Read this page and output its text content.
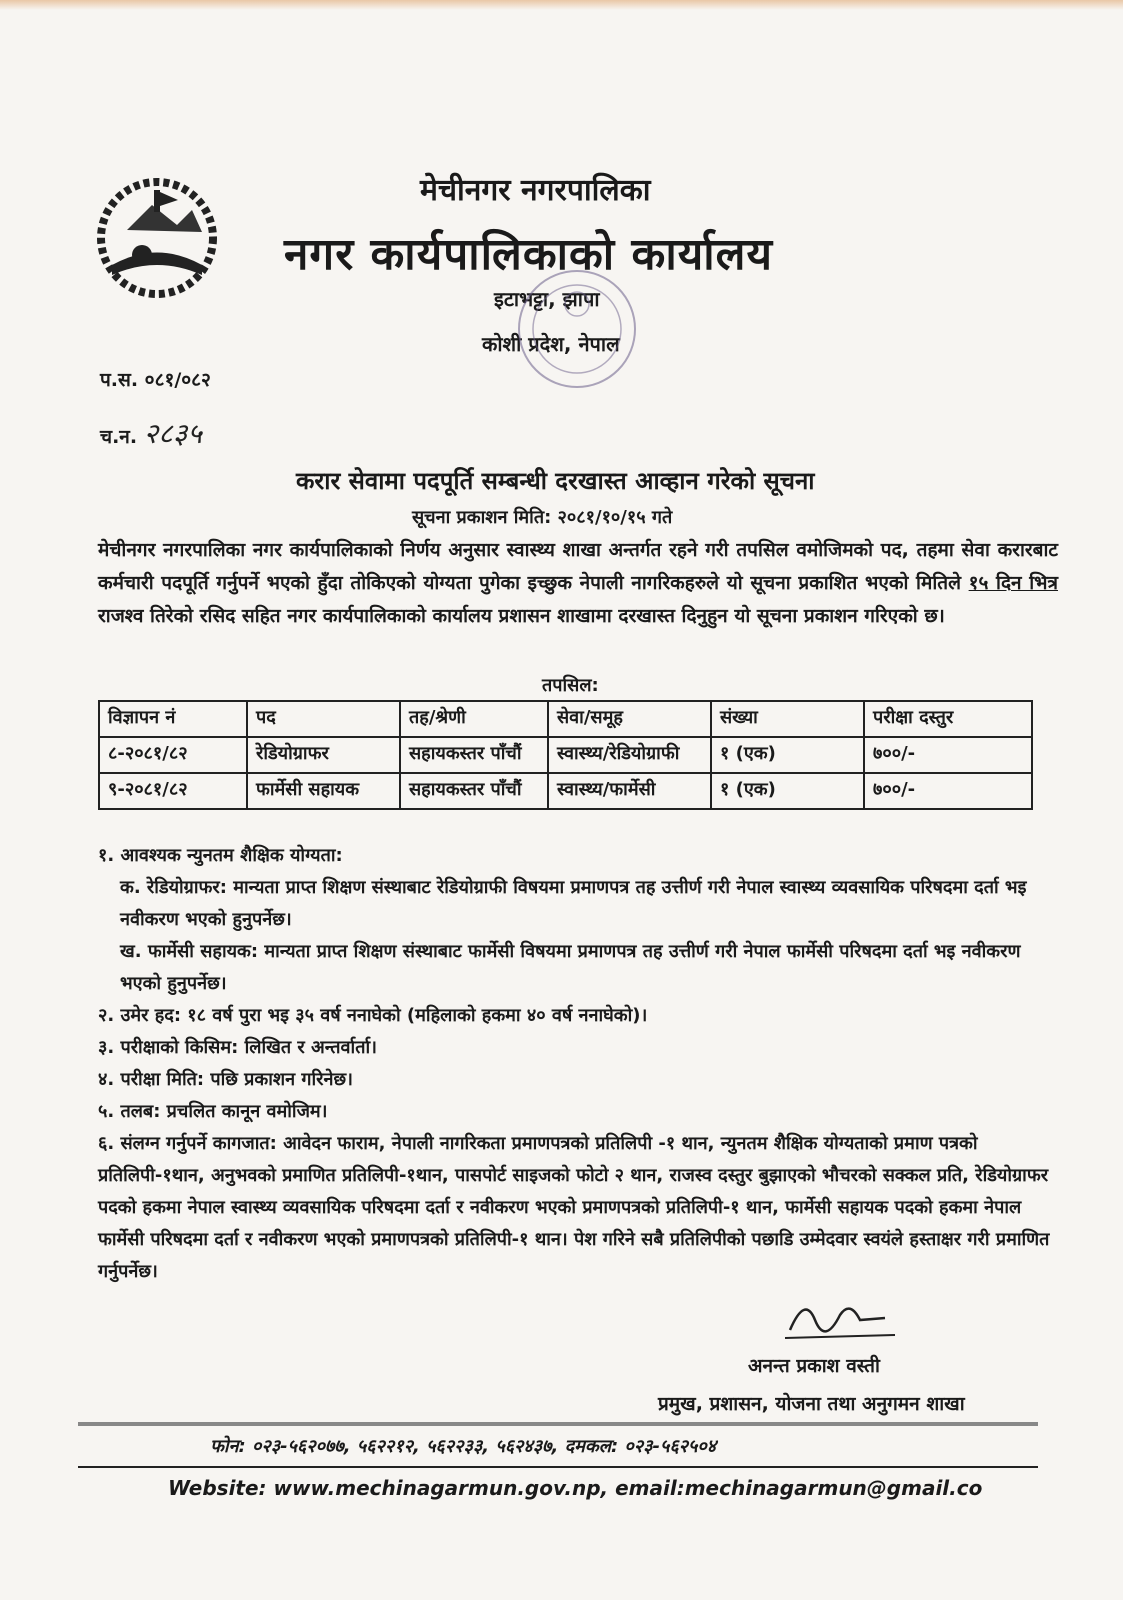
मेचीनगर नगरपालिका
नगर कार्यपालिकाको कार्यालय
इटाभट्टा, झापा
कोशी प्रदेश, नेपाल
प.स. ०८१/०८२
च.न. २८३५
करार सेवामा पदपूर्ति सम्बन्धी दरखास्त आव्हान गरेको सूचना
सूचना प्रकाशन मिति: २०८१/१०/१५ गते
मेचीनगर नगरपालिका नगर कार्यपालिकाको निर्णय अनुसार स्वास्थ्य शाखा अन्तर्गत रहने गरी तपसिल वमोजिमको पद, तहमा सेवा करारबाट कर्मचारी पदपूर्ति गर्नुपर्ने भएको हुँदा तोकिएको योग्यता पुगेका इच्छुक नेपाली नागरिकहरुले यो सूचना प्रकाशित भएको मितिले १५ दिन भित्र राजश्व तिरेको रसिद सहित नगर कार्यपालिकाको कार्यालय प्रशासन शाखामा दरखास्त दिनुहुन यो सूचना प्रकाशन गरिएको छ।
तपसिल:
विज्ञापन नं	पद	तह/श्रेणी	सेवा/समूह	संख्या	परीक्षा दस्तुर
८-२०८१/८२	रेडियोग्राफर	सहायकस्तर पाँचौं	स्वास्थ्य/रेडियोग्राफी	१ (एक)	७००/-
९-२०८१/८२	फार्मेसी सहायक	सहायकस्तर पाँचौं	स्वास्थ्य/फार्मेसी	१ (एक)	७००/-
१. आवश्यक न्युनतम शैक्षिक योग्यता:
क. रेडियोग्राफर: मान्यता प्राप्त शिक्षण संस्थाबाट रेडियोग्राफी विषयमा प्रमाणपत्र तह उत्तीर्ण गरी नेपाल स्वास्थ्य व्यवसायिक परिषदमा दर्ता भइ नवीकरण भएको हुनुपर्नेछ।
ख. फार्मेसी सहायक: मान्यता प्राप्त शिक्षण संस्थाबाट फार्मेसी विषयमा प्रमाणपत्र तह उत्तीर्ण गरी नेपाल फार्मेसी परिषदमा दर्ता भइ नवीकरण भएको हुनुपर्नेछ।
२. उमेर हद: १८ वर्ष पुरा भइ ३५ वर्ष ननाघेको (महिलाको हकमा ४० वर्ष ननाघेको)।
३. परीक्षाको किसिम: लिखित र अन्तर्वार्ता।
४. परीक्षा मिति: पछि प्रकाशन गरिनेछ।
५. तलब: प्रचलित कानून वमोजिम।
६. संलग्न गर्नुपर्ने कागजात: आवेदन फाराम, नेपाली नागरिकता प्रमाणपत्रको प्रतिलिपी -१ थान, न्युनतम शैक्षिक योग्यताको प्रमाण पत्रको प्रतिलिपी-१थान, अनुभवको प्रमाणित प्रतिलिपी-१थान, पासपोर्ट साइजको फोटो २ थान, राजस्व दस्तुर बुझाएको भौचरको सक्कल प्रति, रेडियोग्राफर पदको हकमा नेपाल स्वास्थ्य व्यवसायिक परिषदमा दर्ता र नवीकरण भएको प्रमाणपत्रको प्रतिलिपी-१ थान, फार्मेसी सहायक पदको हकमा नेपाल फार्मेसी परिषदमा दर्ता र नवीकरण भएको प्रमाणपत्रको प्रतिलिपी-१ थान। पेश गरिने सबै प्रतिलिपीको पछाडि उम्मेदवार स्वयंले हस्ताक्षर गरी प्रमाणित गर्नुपर्नेछ।
अनन्त प्रकाश वस्ती
प्रमुख, प्रशासन, योजना तथा अनुगमन शाखा
फोन: ०२३-५६२०७७, ५६२२१२, ५६२२३३, ५६२४३७, दमकल: ०२३-५६२५०४
Website: www.mechinagarmun.gov.np, email:mechinagarmun@gmail.co
